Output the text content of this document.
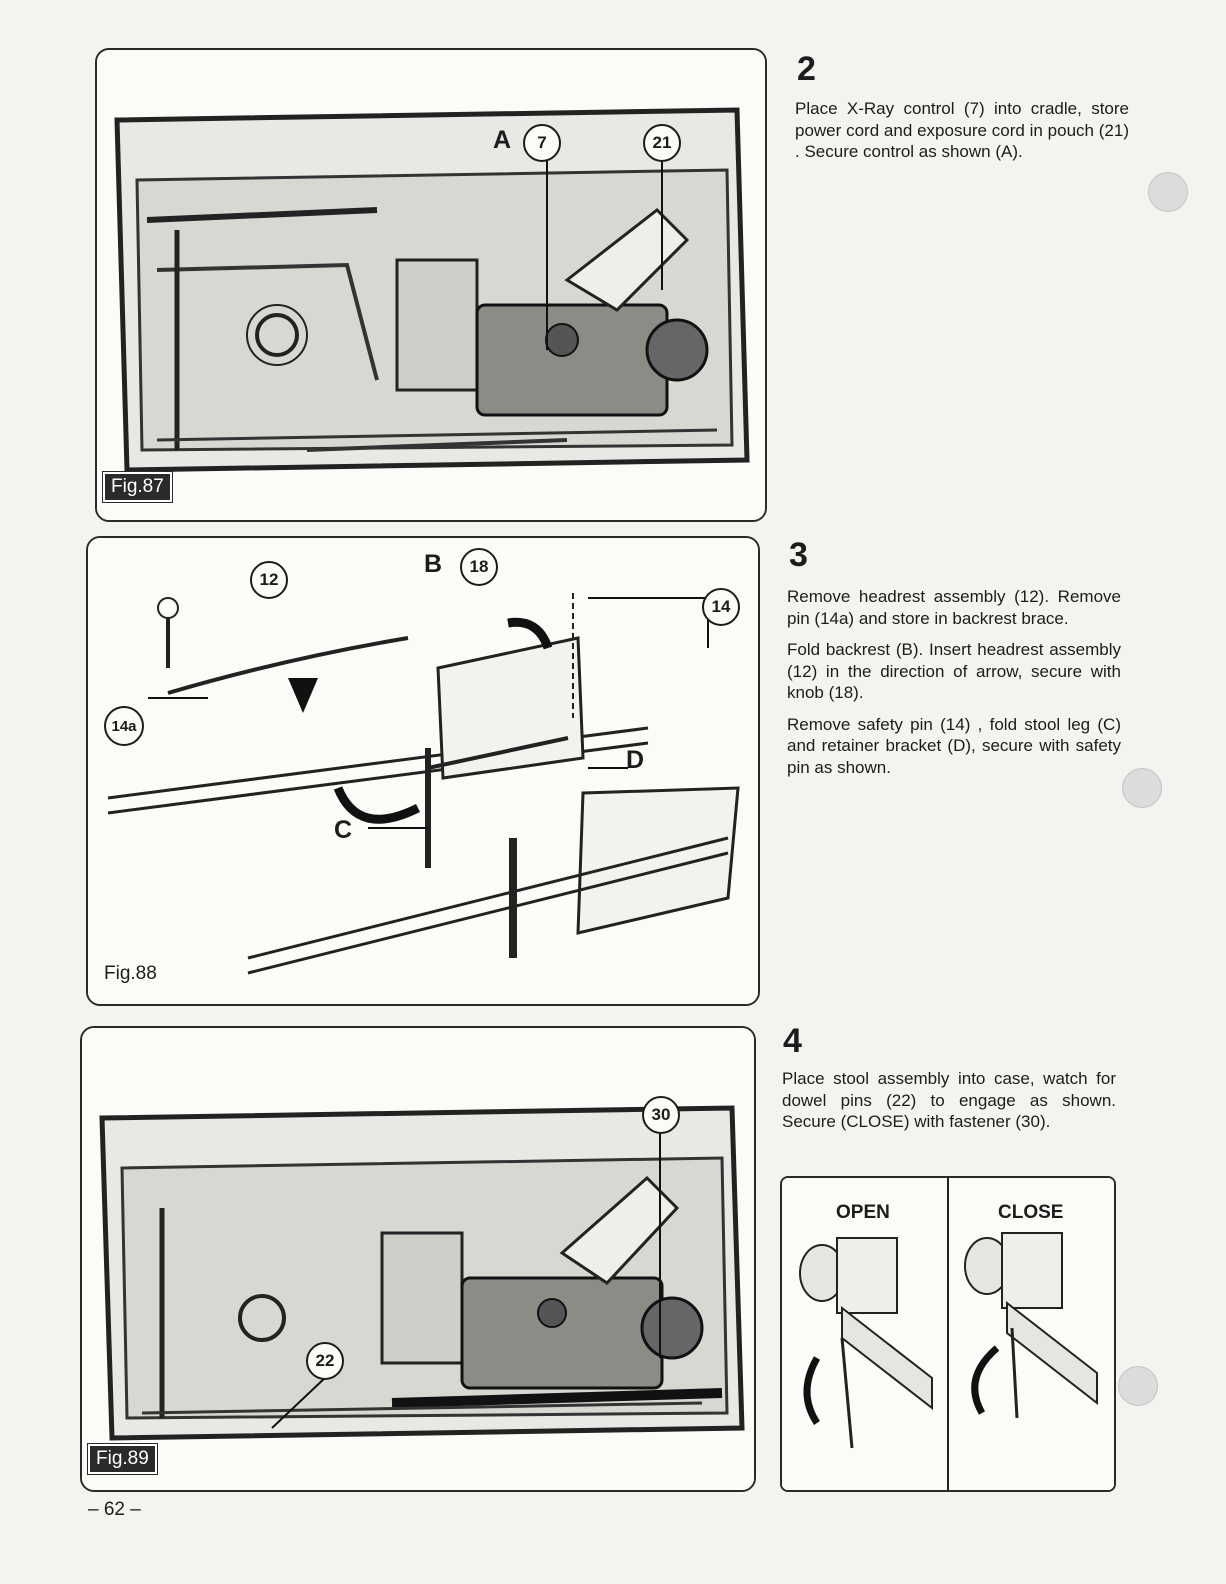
A	7	21
Fig.87
12
B	18
14
14a
D
C
Fig.88
30
22
Fig.89
2

Place X-Ray control (7) into cradle, store power cord and exposure cord in pouch (21) . Secure control as shown (A).

3

Remove headrest assembly (12). Remove pin (14a) and store in backrest brace.

Fold backrest (B). Insert headrest assembly (12) in the direction of arrow, secure with knob (18).

Remove safety pin (14) , fold stool leg (C) and retainer bracket (D), secure with safety pin as shown.

4

Place stool assembly into case, watch for dowel pins (22) to engage as shown. Secure (CLOSE) with fastener (30).

OPEN	CLOSE
– 62 –
